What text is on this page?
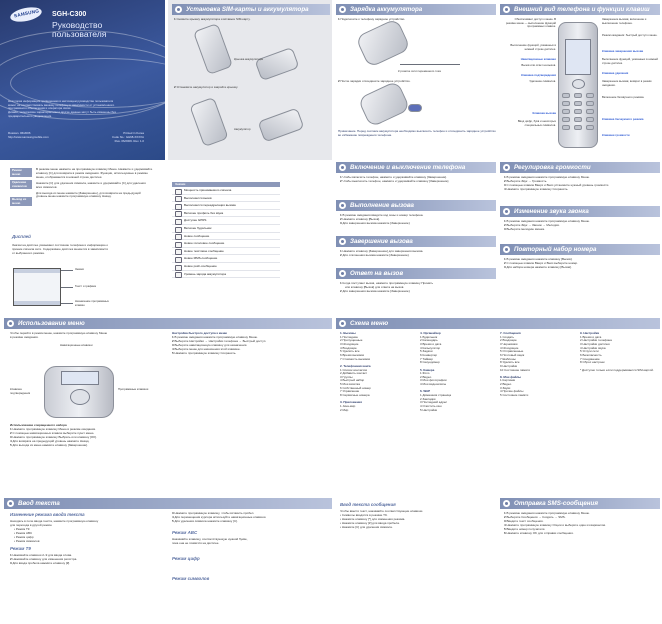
SAMSUNG SGH-C300
Руководство пользователя
Некоторая информация приведенная в настоящем руководстве пользователя
может не соответствовать вашему телефону в зависимости от установленного
программного обеспечения и оператора связи.
Дизайн, технические характеристики и другие данные могут быть изменены без
предварительного уведомления.
Russian. 06/2006
http://www.samsungmobile.com
Printed in Korea
Code No.: GH68-XXXXA
Rus. 06/2006. Rev. 1.0
Установка SIM-карты и аккумулятора
1 Снимите крышку аккумулятора и вставьте SIM-карту.
Крышка аккумулятора
2 Установите аккумулятор и закройте крышку.
Аккумулятор
Зарядка аккумулятора
1 Подключите к телефону зарядное устройство.
К розетке сети переменного тока
2 После зарядки отсоедините зарядное устройство.
Примечание. Перед снятием аккумулятора необходимо выключить телефон и отсоединить зарядное устройство во избежание повреждения телефона.
Внешний вид телефона и функции клавиш
Обеспечивает доступ к меню. В режиме меню — выполнение функций программных клавиш.
Выполнение функций, указанных в нижней строке дисплея.
Навигационные клавиши
Вызов или ответ на вызов.
Клавиша подтверждения
Удаление символов.
Клавиша вызова
Ввод цифр, букв и некоторых специальных символов.
Завершение вызова; включение и выключение телефона.
Режим ожидания: быстрый доступ к меню.
Клавиша завершения вызова
Выполнение функций, указанных в нижней строке дисплея.
Клавиша удаления
Завершение вызова; возврат в режим ожидания.
Включение беззвучного режима.
Клавиша бесшумного режима
Клавиши громкости
Режим меню
Удаление символов
Выход из меню
В режиме меню нажмите на программную клавишу Меню. Нажмите и удерживайте
клавишу [C] для возврата в режим ожидания. Функции, используемые в режиме
меню, отображаются в нижней строке дисплея.
Нажмите [C] для удаления символа, нажмите и удерживайте [C] для удаления
всех символов.
Для выхода из меню нажмите [Завершение], для возврата на предыдущий
уровень меню нажмите программную клавишу Назад.
Дисплей
Значки на дисплее указывают состояние телефона и информацию о
приеме сигнала сети. Содержимое дисплея меняется в зависимости
от выбранного режима.
Значки
Текст и графика
Назначение программных клавиш
Значки
Мощность принимаемого сигнала
Выполняется вызов
Выполняется переадресация вызова
Включен профиль без звука
Доступен GPRS
Включен будильник
Новое сообщение
Новое голосовое сообщение
Новое текстовое сообщение
Новое MMS-сообщение
Новое push-сообщение
Уровень заряда аккумулятора
Включение и выключение телефона
1 Чтобы включить телефон, нажмите и удерживайте клавишу [Завершение].
2 Чтобы выключить телефон, нажмите и удерживайте клавишу [Завершение].
Выполнение вызова
1 В режиме ожидания введите код зоны и номер телефона.
2 Нажмите клавишу [Вызов].
3 Для завершения вызова нажмите [Завершение].
Завершение вызова
1 Нажмите клавишу [Завершение] для завершения вызова.
2 Для отклонения вызова нажмите [Завершение].
Ответ на вызов
1 Когда поступает вызов, нажмите программную клавишу Принять
или клавишу [Вызов] для ответа на вызов.
2 Для завершения вызова нажмите [Завершение].
Регулировка громкости
1 В режиме ожидания нажмите программную клавишу Меню.
2 Выберите Звук → Громкость.
3 С помощью клавиш Вверх и Вниз установите нужный уровень громкости.
4 Нажмите программную клавишу Сохранить.
Изменение звука звонка
1 В режиме ожидания нажмите программную клавишу Меню.
2 Выберите Звук → Звонок → Мелодия.
3 Выберите мелодию звонка.
Повторный набор номера
1 В режиме ожидания нажмите клавишу [Вызов].
2 С помощью клавиш Вверх и Вниз выберите номер.
3 Для набора номера нажмите клавишу [Вызов].
Использование меню
Чтобы перейти в режим меню, нажмите программную клавишу Меню
в режиме ожидания.
Навигационные клавиши
Клавиша подтверждения
Программные клавиши
Использование сокращенного набора
1 Нажмите программную клавишу Меню в режиме ожидания.
2 С помощью навигационных клавиш выберите пункт меню.
3 Нажмите программную клавишу Выбрать или клавишу [OK].
4 Для возврата на предыдущий уровень нажмите Назад.
5 Для выхода из меню нажмите клавишу [Завершение].
Настройка быстрого доступа к меню
1 В режиме ожидания нажмите программную клавишу Меню.
2 Выберите Настройки → Настройки телефона → Быстрый доступ.
3 Выберите навигационную клавишу для назначения.
4 Выберите меню для назначения этой клавише.
5 Нажмите программную клавишу Сохранить.
Схема меню
1. Вызовы
1 Последние
2 Пропущенные
3 Исходящие
4 Входящие
5 Удалить все
6 Время вызовов
7 Стоимость вызовов
2. Телефонная книга
1 Список контактов
2 Добавить контакт
3 Группы
4 Быстрый набор
5 Моя визитка
6 Собственный номер
7 Управление
8 Сервисные номера
3. Приложения
1 Java-мир
2 Мир
4. Органайзер
1 Будильник
2 Календарь
3 Время и дата
4 Калькулятор
5 Задачи
6 Конвертер
7 Таймер
8 Секундомер
5. Камера
1 Фото
2 Видео
3 Мои фотографии
4 Мои видеоклипы
6. WAP
1 Домашняя страница
2 Закладки
3 Последний адрес
4 Очистить кэш
5 Настройки
7. Сообщения
1 Создать
2 Входящие
3 Черновики
4 Исходящие
5 Отправленные
6 Почтовый ящик
7 Шаблоны
8 Удалить все
9 Настройки
10 Состояние памяти
8. Мои файлы
1 Картинки
2 Видео
3 Звуки
4 Прочие файлы
5 Состояние памяти
9. Настройки
1 Время и дата
2 Настройки телефона
3 Настройки дисплея
4 Настройки звука
5 Услуги сети
6 Безопасность
7 Соединение
8 Сброс настроек
* Доступно только если поддерживается SIM-картой.
Ввод текста
Изменение режима ввода текста
Находясь в поле ввода текста, нажмите программную клавишу
для перехода в другой режим.
• Режим T9
• Режим ABC
• Режим цифр
• Режим символов
Режим T9
1 Нажимайте клавиши 2–9 для ввода слова.
2 Нажимайте клавишу для изменения регистра.
3 Для ввода пробела нажмите клавишу [#].
3 Нажмите программную клавишу, чтобы вставить пробел.
4 Для перемещения курсора используйте навигационные клавиши.
5 Для удаления символа нажмите клавишу [C].
Режим ABC
Нажимайте клавишу, соответствующую нужной букве,
пока она не появится на дисплее.
Режим цифр
Режим символов
Ввод текста сообщения
Чтобы ввести текст, нажимайте соответствующие клавиши.
• Символы вводятся в режиме T9.
• Нажмите клавишу [*] для изменения режима.
• Нажмите клавишу [#] для ввода пробела.
• Нажмите [C] для удаления символа.
Отправка SMS-сообщения
1 В режиме ожидания нажмите программную клавишу Меню.
2 Выберите Сообщения → Создать → SMS.
3 Введите текст сообщения.
4 Нажмите программную клавишу Опции и выберите один из вариантов.
5 Введите номер получателя.
6 Нажмите клавишу OK для отправки сообщения.
